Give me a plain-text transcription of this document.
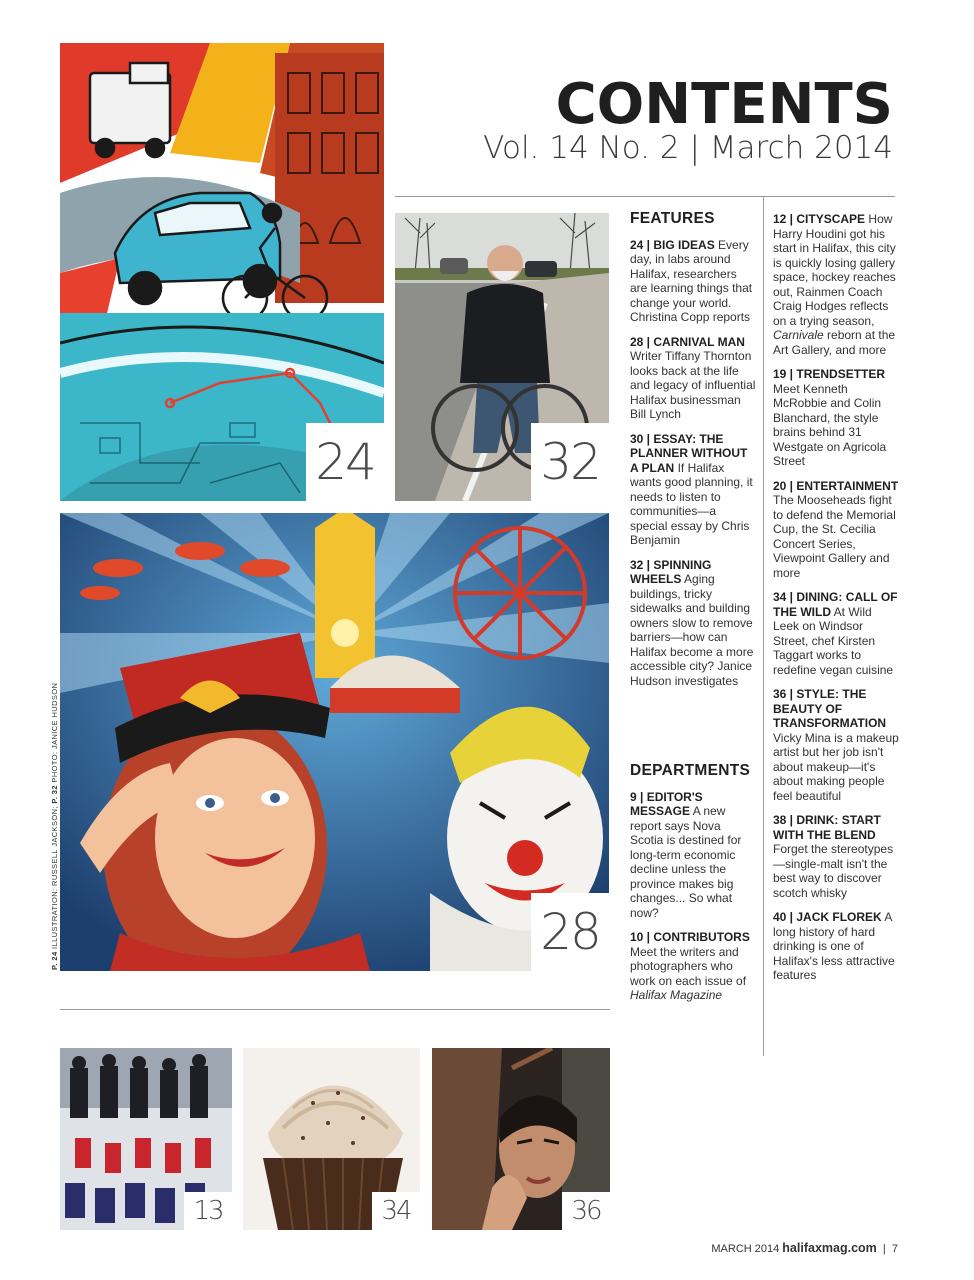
24	32
28
13	34	36
P. 24 ILLUSTRATION: RUSSELL JACKSON; P. 32 PHOTO: JANICE HUDSON
CONTENTS
Vol. 14 No. 2 | March 2014
FEATURES
24 | BIG IDEAS Every day, in labs around Halifax, researchers are learning things that change your world. Christina Copp reports
28 | CARNIVAL MAN Writer Tiffany Thornton looks back at the life and legacy of influential Halifax businessman Bill Lynch
30 | ESSAY: THE PLANNER WITHOUT A PLAN If Halifax wants good planning, it needs to listen to communities—a special essay by Chris Benjamin
32 | SPINNING WHEELS Aging buildings, tricky sidewalks and building owners slow to remove barriers—how can Halifax become a more accessible city? Janice Hudson investigates
DEPARTMENTS
9 | EDITOR'S MESSAGE A new report says Nova Scotia is destined for long-term economic decline unless the province makes big changes... So what now?
10 | CONTRIBUTORS Meet the writers and photographers who work on each issue of Halifax Magazine
12 | CITYSCAPE How Harry Houdini got his start in Halifax, this city is quickly losing gallery space, hockey reaches out, Rainmen Coach Craig Hodges reflects on a trying season, Carnivale reborn at the Art Gallery, and more
19 | TRENDSETTER Meet Kenneth McRobbie and Colin Blanchard, the style brains behind 31 Westgate on Agricola Street
20 | ENTERTAINMENT The Mooseheads fight to defend the Memorial Cup, the St. Cecilia Concert Series, Viewpoint Gallery and more
34 | DINING: CALL OF THE WILD At Wild Leek on Windsor Street, chef Kirsten Taggart works to redefine vegan cuisine
36 | STYLE: THE BEAUTY OF TRANSFORMATION Vicky Mina is a makeup artist but her job isn't about makeup—it's about making people feel beautiful
38 | DRINK: START WITH THE BLEND Forget the stereotypes—single-malt isn't the best way to discover scotch whisky
40 | JACK FLOREK A long history of hard drinking is one of Halifax's less attractive features
MARCH 2014 halifaxmag.com  |  7
